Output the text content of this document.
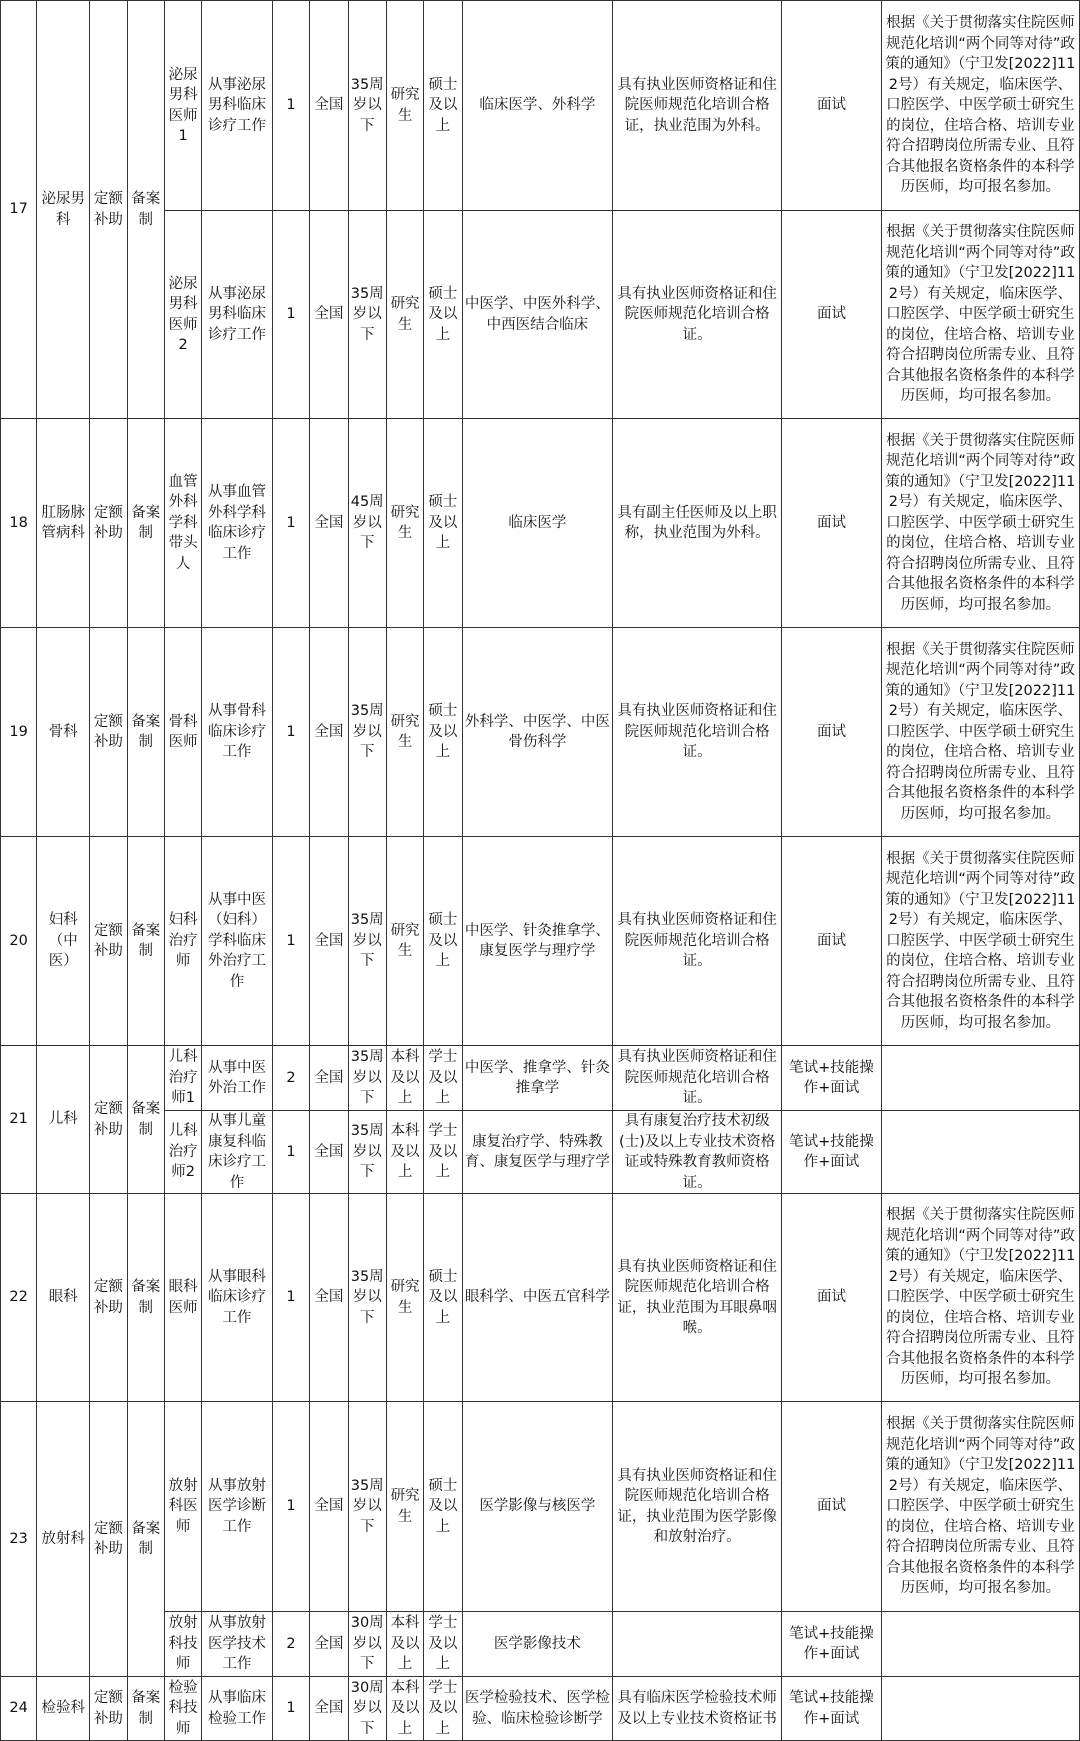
17	泌尿男科	定额补助	备案制	泌尿男科医师1	从事泌尿男科临床诊疗工作	1	全国	35周岁以下	研究生	硕士及以上	临床医学、外科学	具有执业医师资格证和住院医师规范化培训合格证，执业范围为外科。	面试	根据《关于贯彻落实住院医师规范化培训“两个同等对待”政策的通知》（宁卫发[2022]112号）有关规定，临床医学、口腔医学、中医学硕士研究生的岗位，住培合格、培训专业符合招聘岗位所需专业、且符合其他报名资格条件的本科学历医师，均可报名参加。
				泌尿男科医师2	从事泌尿男科临床诊疗工作	1	全国	35周岁以下	研究生	硕士及以上	中医学、中医外科学、中西医结合临床	具有执业医师资格证和住院医师规范化培训合格证。	面试	根据《关于贯彻落实住院医师规范化培训“两个同等对待”政策的通知》（宁卫发[2022]112号）有关规定，临床医学、口腔医学、中医学硕士研究生的岗位，住培合格、培训专业符合招聘岗位所需专业、且符合其他报名资格条件的本科学历医师，均可报名参加。
18	肛肠脉管病科	定额补助	备案制	血管外科学科带头人	从事血管外科学科临床诊疗工作	1	全国	45周岁以下	研究生	硕士及以上	临床医学	具有副主任医师及以上职称，执业范围为外科。	面试	根据《关于贯彻落实住院医师规范化培训“两个同等对待”政策的通知》（宁卫发[2022]112号）有关规定，临床医学、口腔医学、中医学硕士研究生的岗位，住培合格、培训专业符合招聘岗位所需专业、且符合其他报名资格条件的本科学历医师，均可报名参加。
19	骨科	定额补助	备案制	骨科医师	从事骨科临床诊疗工作	1	全国	35周岁以下	研究生	硕士及以上	外科学、中医学、中医骨伤科学	具有执业医师资格证和住院医师规范化培训合格证。	面试	根据《关于贯彻落实住院医师规范化培训“两个同等对待”政策的通知》（宁卫发[2022]112号）有关规定，临床医学、口腔医学、中医学硕士研究生的岗位，住培合格、培训专业符合招聘岗位所需专业、且符合其他报名资格条件的本科学历医师，均可报名参加。
20	妇科（中医）	定额补助	备案制	妇科治疗师	从事中医（妇科）学科临床外治疗工作	1	全国	35周岁以下	研究生	硕士及以上	中医学、针灸推拿学、康复医学与理疗学	具有执业医师资格证和住院医师规范化培训合格证。	面试	根据《关于贯彻落实住院医师规范化培训“两个同等对待”政策的通知》（宁卫发[2022]112号）有关规定，临床医学、口腔医学、中医学硕士研究生的岗位，住培合格、培训专业符合招聘岗位所需专业、且符合其他报名资格条件的本科学历医师，均可报名参加。
21	儿科	定额补助	备案制	儿科治疗师1	从事中医外治工作	2	全国	35周岁以下	本科及以上	学士及以上	中医学、推拿学、针灸推拿学	具有执业医师资格证和住院医师规范化培训合格证。	笔试+技能操作+面试	
				儿科治疗师2	从事儿童康复科临床诊疗工作	1	全国	35周岁以下	本科及以上	学士及以上	康复治疗学、特殊教育、康复医学与理疗学	具有康复治疗技术初级(士)及以上专业技术资格证或特殊教育教师资格证。	笔试+技能操作+面试	
22	眼科	定额补助	备案制	眼科医师	从事眼科临床诊疗工作	1	全国	35周岁以下	研究生	硕士及以上	眼科学、中医五官科学	具有执业医师资格证和住院医师规范化培训合格证，执业范围为耳眼鼻咽喉。	面试	根据《关于贯彻落实住院医师规范化培训“两个同等对待”政策的通知》（宁卫发[2022]112号）有关规定，临床医学、口腔医学、中医学硕士研究生的岗位，住培合格、培训专业符合招聘岗位所需专业、且符合其他报名资格条件的本科学历医师，均可报名参加。
23	放射科	定额补助	备案制	放射科医师	从事放射医学诊断工作	1	全国	35周岁以下	研究生	硕士及以上	医学影像与核医学	具有执业医师资格证和住院医师规范化培训合格证，执业范围为医学影像和放射治疗。	面试	根据《关于贯彻落实住院医师规范化培训“两个同等对待”政策的通知》（宁卫发[2022]112号）有关规定，临床医学、口腔医学、中医学硕士研究生的岗位，住培合格、培训专业符合招聘岗位所需专业、且符合其他报名资格条件的本科学历医师，均可报名参加。
				放射科技师	从事放射医学技术工作	2	全国	30周岁以下	本科及以上	学士及以上	医学影像技术		笔试+技能操作+面试	
24	检验科	定额补助	备案制	检验科技师	从事临床检验工作	1	全国	30周岁以下	本科及以上	学士及以上	医学检验技术、医学检验、临床检验诊断学	具有临床医学检验技术师及以上专业技术资格证书	笔试+技能操作+面试	
